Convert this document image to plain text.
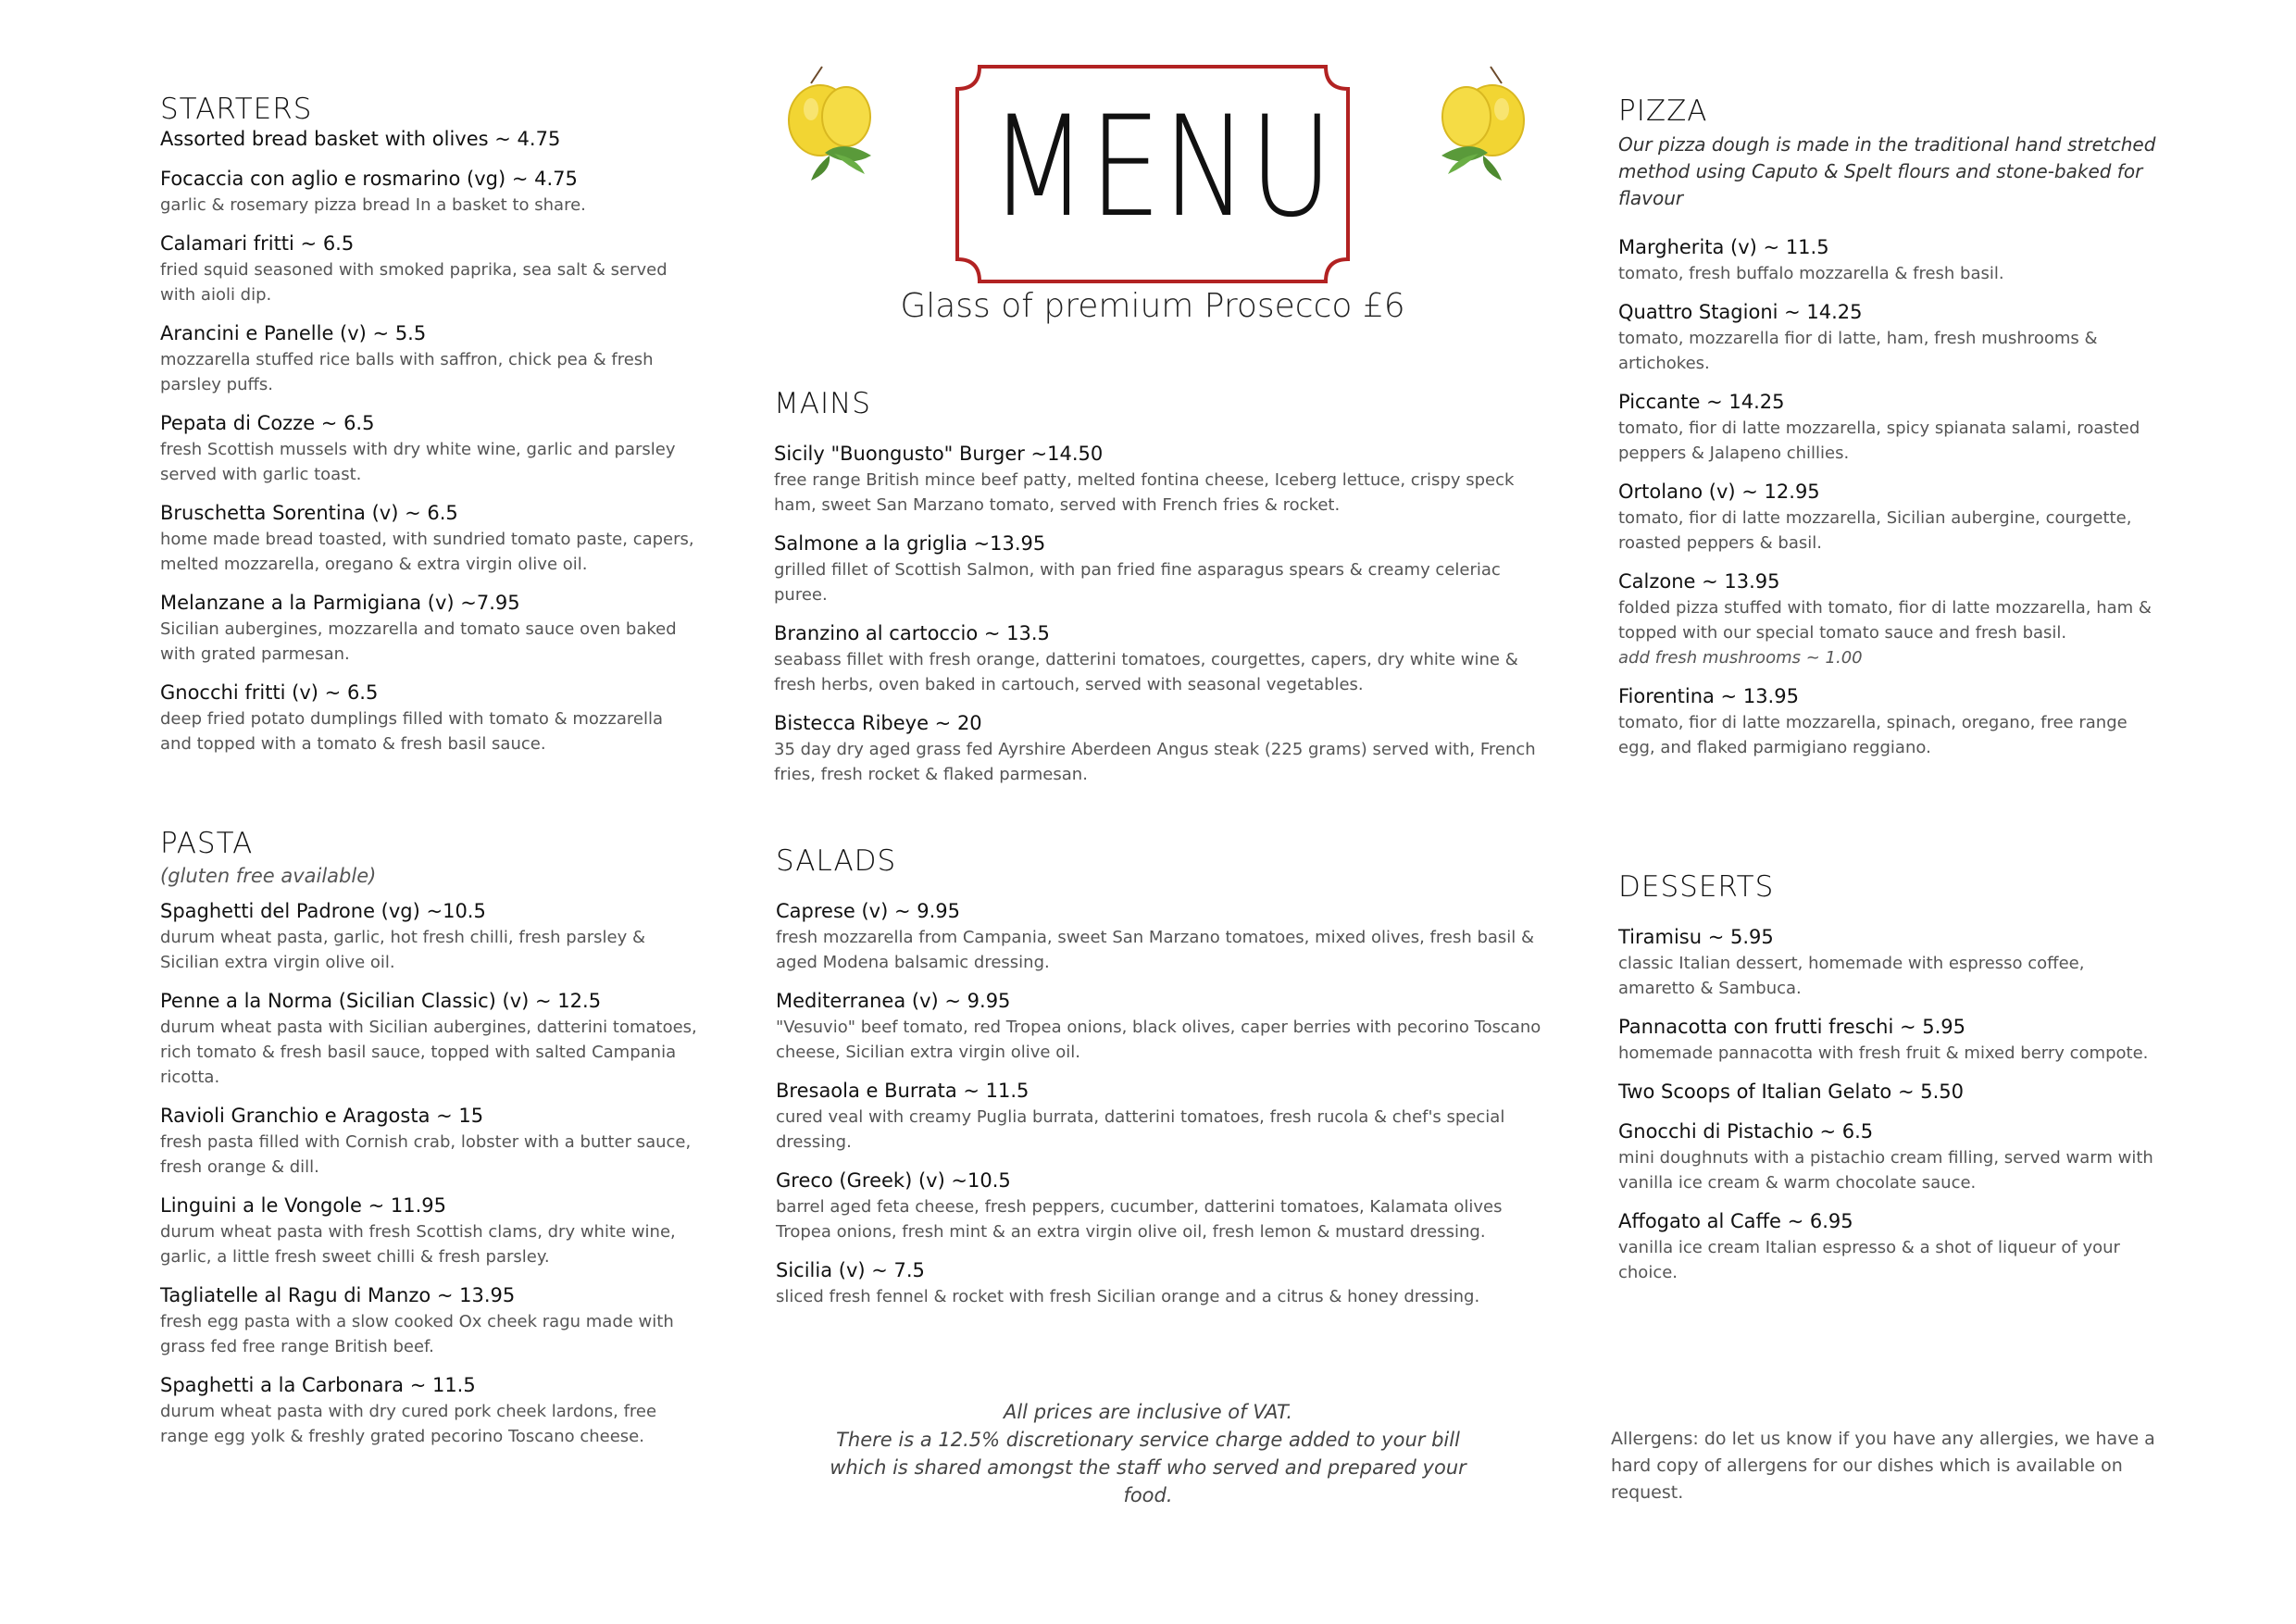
MENU
Glass of premium Prosecco £6
STARTERS
Assorted bread basket with olives ~ 4.75
Focaccia con aglio e rosmarino (vg) ~ 4.75
garlic & rosemary pizza bread In a basket to share.
Calamari fritti ~ 6.5
fried squid seasoned with smoked paprika, sea salt & served with aioli dip.
Arancini e Panelle (v) ~ 5.5
mozzarella stuffed rice balls with saffron, chick pea & fresh parsley puffs.
Pepata di Cozze ~ 6.5
fresh Scottish mussels with dry white wine, garlic and parsley served with garlic toast.
Bruschetta Sorentina (v) ~ 6.5
home made bread toasted, with sundried tomato paste, capers, melted mozzarella, oregano & extra virgin olive oil.
Melanzane a la Parmigiana (v) ~7.95
Sicilian aubergines, mozzarella and tomato sauce oven baked with grated parmesan.
Gnocchi fritti (v) ~ 6.5
deep fried potato dumplings filled with tomato & mozzarella and topped with a tomato & fresh basil sauce.
PASTA
(gluten free available)
Spaghetti del Padrone (vg) ~10.5
durum wheat pasta, garlic, hot fresh chilli, fresh parsley & Sicilian extra virgin olive oil.
Penne a la Norma (Sicilian Classic) (v) ~ 12.5
durum wheat pasta with Sicilian aubergines, datterini tomatoes, rich tomato & fresh basil sauce, topped with salted Campania ricotta.
Ravioli Granchio e Aragosta ~ 15
fresh pasta filled with Cornish crab, lobster with a butter sauce, fresh orange & dill.
Linguini a le Vongole ~ 11.95
durum wheat pasta with fresh Scottish clams, dry white wine, garlic, a little fresh sweet chilli & fresh parsley.
Tagliatelle al Ragu di Manzo ~ 13.95
fresh egg pasta with a slow cooked Ox cheek ragu made with grass fed free range British beef.
Spaghetti a la Carbonara ~ 11.5
durum wheat pasta with dry cured pork cheek lardons, free range egg yolk & freshly grated pecorino Toscano cheese.
MAINS
Sicily "Buongusto" Burger ~14.50
free range British mince beef patty, melted fontina cheese, Iceberg lettuce, crispy speck ham, sweet San Marzano tomato, served with French fries & rocket.
Salmone a la griglia ~13.95
grilled fillet of Scottish Salmon, with pan fried fine asparagus spears & creamy celeriac puree.
Branzino al cartoccio ~ 13.5
seabass fillet with fresh orange, datterini tomatoes, courgettes, capers, dry white wine & fresh herbs, oven baked in cartouch, served with seasonal vegetables.
Bistecca Ribeye ~ 20
35 day dry aged grass fed Ayrshire Aberdeen Angus steak (225 grams) served with, French fries, fresh rocket & flaked parmesan.
SALADS
Caprese (v) ~ 9.95
fresh mozzarella from Campania, sweet San Marzano tomatoes, mixed olives, fresh basil & aged Modena balsamic dressing.
Mediterranea (v) ~ 9.95
"Vesuvio" beef tomato, red Tropea onions, black olives, caper berries with pecorino Toscano cheese, Sicilian extra virgin olive oil.
Bresaola e Burrata ~ 11.5
cured veal with creamy Puglia burrata, datterini tomatoes, fresh rucola & chef's special dressing.
Greco (Greek) (v) ~10.5
barrel aged feta cheese, fresh peppers, cucumber, datterini tomatoes, Kalamata olives Tropea onions, fresh mint & an extra virgin olive oil, fresh lemon & mustard dressing.
Sicilia (v) ~ 7.5
sliced fresh fennel & rocket with fresh Sicilian orange and a citrus & honey dressing.
PIZZA
Our pizza dough is made in the traditional hand stretched method using Caputo & Spelt flours and stone-baked for flavour
Margherita (v) ~ 11.5
tomato, fresh buffalo mozzarella & fresh basil.
Quattro Stagioni ~ 14.25
tomato, mozzarella fior di latte, ham, fresh mushrooms & artichokes.
Piccante ~ 14.25
tomato, fior di latte mozzarella, spicy spianata salami, roasted peppers & Jalapeno chillies.
Ortolano (v) ~ 12.95
tomato, fior di latte mozzarella, Sicilian aubergine, courgette, roasted peppers & basil.
Calzone ~ 13.95
folded pizza stuffed with tomato, fior di latte mozzarella, ham & topped with our special tomato sauce and fresh basil.
add fresh mushrooms ~ 1.00
Fiorentina ~ 13.95
tomato, fior di latte mozzarella, spinach, oregano, free range egg, and flaked parmigiano reggiano.
DESSERTS
Tiramisu ~ 5.95
classic Italian dessert, homemade with espresso coffee, amaretto & Sambuca.
Pannacotta con frutti freschi ~ 5.95
homemade pannacotta with fresh fruit & mixed berry compote.
Two Scoops of Italian Gelato ~ 5.50
Gnocchi di Pistachio ~ 6.5
mini doughnuts with a pistachio cream filling, served warm with vanilla ice cream & warm chocolate sauce.
Affogato al Caffe ~ 6.95
vanilla ice cream Italian espresso & a shot of liqueur of your choice.
All prices are inclusive of VAT.
There is a 12.5% discretionary service charge added to your bill which is shared amongst the staff who served and prepared your food.
Allergens: do let us know if you have any allergies, we have a hard copy of allergens for our dishes which is available on request.
